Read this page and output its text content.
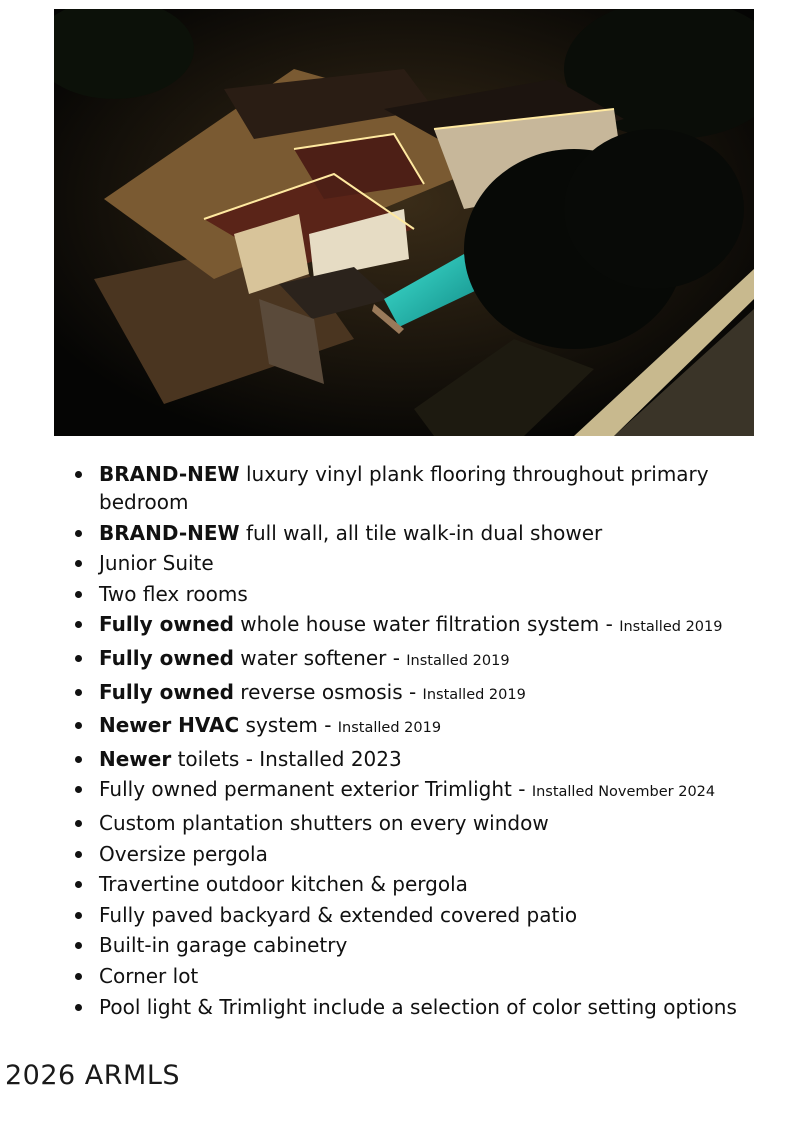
BRAND-NEW luxury vinyl plank flooring throughout primary bedroom
BRAND-NEW full wall, all tile walk-in dual shower
Junior Suite
Two flex rooms
Fully owned whole house water filtration system - Installed 2019
Fully owned water softener - Installed 2019
Fully owned reverse osmosis - Installed 2019
Newer HVAC system - Installed 2019
Newer toilets - Installed 2023
Fully owned permanent exterior Trimlight - Installed November 2024
Custom plantation shutters on every window
Oversize pergola
Travertine outdoor kitchen & pergola
Fully paved backyard & extended covered patio
Built-in garage cabinetry
Corner lot
Pool light & Trimlight include a selection of color setting options
2026 ARMLS
